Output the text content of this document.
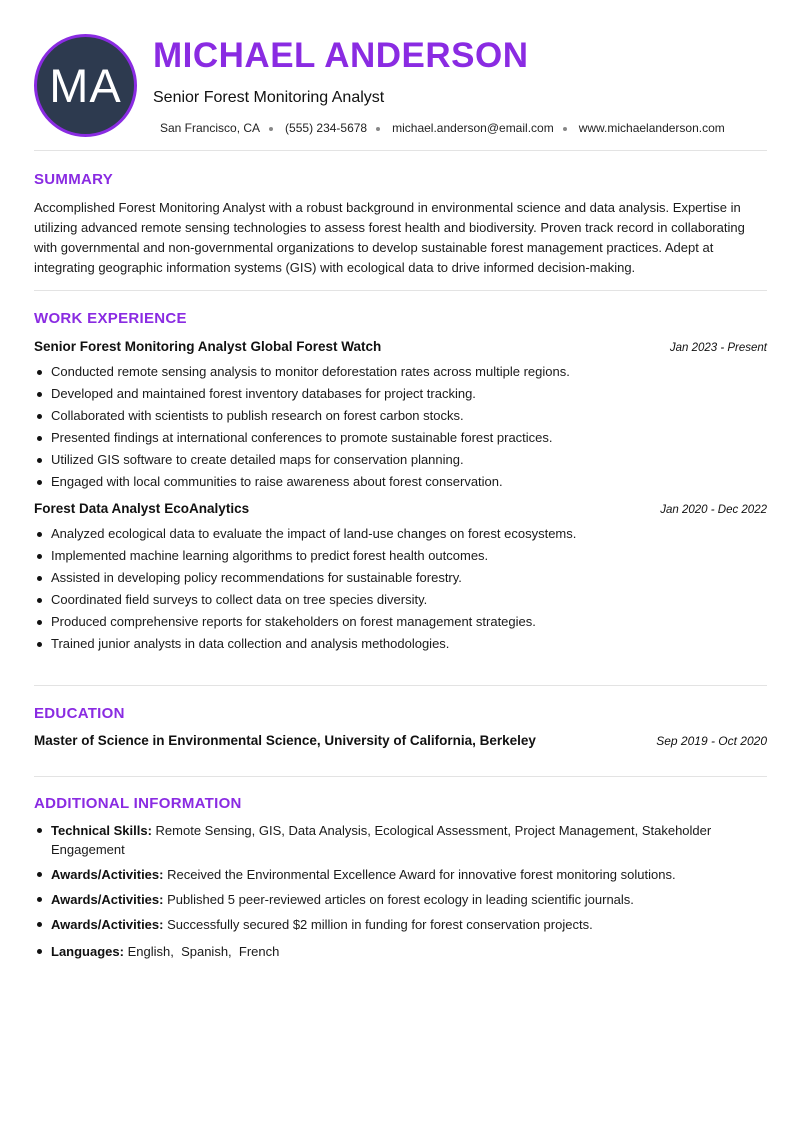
MA
MICHAEL ANDERSON
Senior Forest Monitoring Analyst
San Francisco, CA (555) 234-5678 michael.anderson@email.com www.michaelanderson.com
SUMMARY

Accomplished Forest Monitoring Analyst with a robust background in environmental science and data analysis. Expertise in utilizing advanced remote sensing technologies to assess forest health and biodiversity. Proven track record in collaborating with governmental and non-governmental organizations to develop sustainable forest management practices. Adept at integrating geographic information systems (GIS) with ecological data to drive informed decision-making.

WORK EXPERIENCE
Senior Forest Monitoring Analyst Global Forest Watch	Jan 2023 - Present
Conducted remote sensing analysis to monitor deforestation rates across multiple regions.
Developed and maintained forest inventory databases for project tracking.
Collaborated with scientists to publish research on forest carbon stocks.
Presented findings at international conferences to promote sustainable forest practices.
Utilized GIS software to create detailed maps for conservation planning.
Engaged with local communities to raise awareness about forest conservation.
Forest Data Analyst EcoAnalytics	Jan 2020 - Dec 2022
Analyzed ecological data to evaluate the impact of land-use changes on forest ecosystems.
Implemented machine learning algorithms to predict forest health outcomes.
Assisted in developing policy recommendations for sustainable forestry.
Coordinated field surveys to collect data on tree species diversity.
Produced comprehensive reports for stakeholders on forest management strategies.
Trained junior analysts in data collection and analysis methodologies.
EDUCATION
Master of Science in Environmental Science, University of California, Berkeley	Sep 2019 - Oct 2020
ADDITIONAL INFORMATION
Technical Skills: Remote Sensing, GIS, Data Analysis, Ecological Assessment, Project Management, Stakeholder Engagement
Awards/Activities: Received the Environmental Excellence Award for innovative forest monitoring solutions.
Awards/Activities: Published 5 peer-reviewed articles on forest ecology in leading scientific journals.
Awards/Activities: Successfully secured $2 million in funding for forest conservation projects.
Languages: English,  Spanish,  French
